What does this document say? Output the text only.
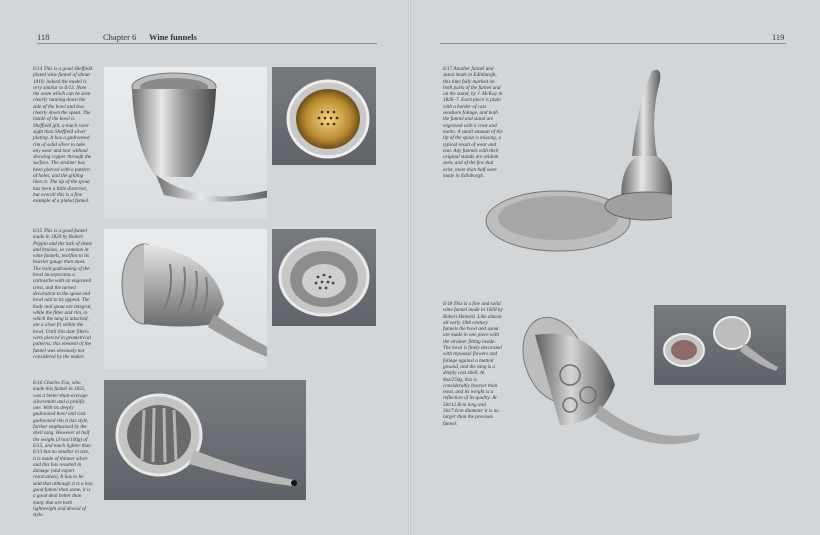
118	Chapter 6 Wine funnels	119
6/14 This is a good Sheffield plated wine funnel of about 1810; indeed the model is very similar to 6/13. Note the seam which can be seen clearly running down the side of the bowl and less clearly down the spout. The inside of the bowl is Sheffield gilt, a much rarer sight than Sheffield silver plating. It has a gadrooned rim of solid silver to take any wear and tear without showing copper through the surface. The strainer has been pierced with a pattern of holes, and the gilding lines it. The tip of the spout has been a little distorted, but overall this is a fine example of a plated funnel.
6/15 This is a good funnel made in 1820 by Robert Peppin and the lack of dents and bruises, so common in wine funnels, testifies to its heavier gauge than most. The bold gadrooning of the bowl incorporates a cartouche with an engraved crest, and the turned decoration to the spout and bowl add to its appeal. The body and spout are integral, while the filter and rim, to which the tang is attached, are a close fit within the bowl. Until this date filters were pierced in geometrical patterns; this element of the funnel was obviously not considered by the maker.
6/16 Charles Fox, who made this funnel in 1825, was a better-than-average silversmith and a prolific one. With its deeply gadrooned bowl and cast gadrooned rim it has style, further emphasised by the shell tang. However at half the weight (3¼oz/100g) of 6/15, and much lighter than 6/13 but no smaller in size, it is made of thinner silver and this has resulted in damage (and expert restoration). It has to be said that although it is a less good funnel than some, it is a good deal better than many that are both lightweight and devoid of style.
6/17 Another funnel and stand made in Edinburgh, this time fully marked on both parts of the funnel and on the stand, by J. McKay in 1826–7. Each piece is plain with a border of cast seashore foliage, and both the funnel and stand are engraved with a crest and motto. A small amount of the tip of the spout is missing, a typical result of wear and tear. Any funnels with their original stands are seldom seen, and of the few that exist, more than half were made in Edinburgh.
6/18 This is a fine and solid wine funnel made in 1828 by Robert Hennell. Like almost all early 19th century funnels the bowl and spout are made in one piece with the strainer fitting inside. The bowl is finely decorated with repoussé flowers and foliage against a matted ground, and the tang is a deeply cast shell. At 8oz/250g, this is considerably heavier than most, and its weight is a reflection of its quality. At 5in/12.8cm long and 3in/7.6cm diameter it is no larger than the previous funnel.
